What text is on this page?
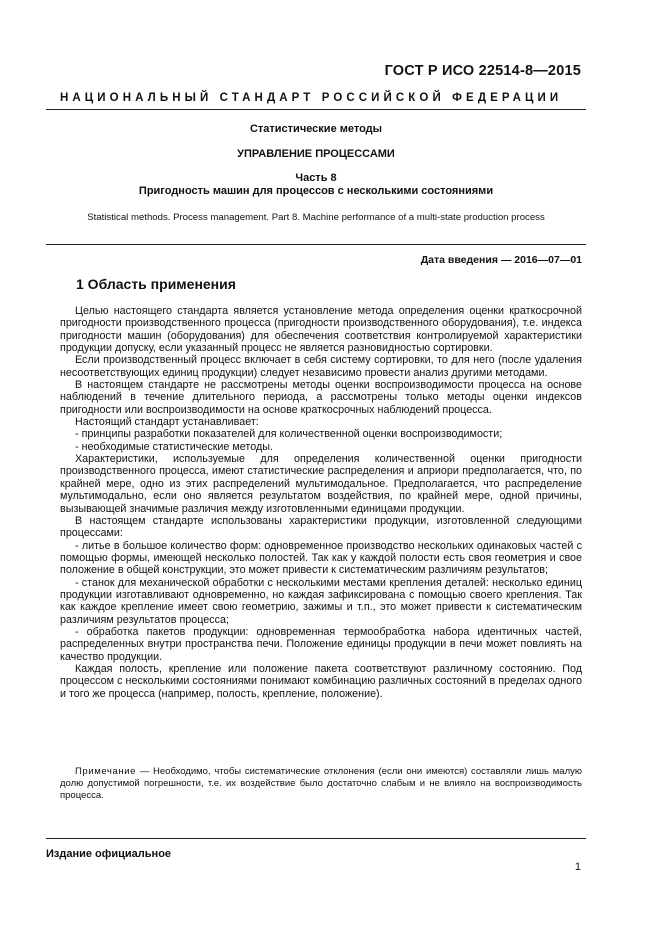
ГОСТ Р ИСО 22514-8—2015
НАЦИОНАЛЬНЫЙ СТАНДАРТ РОССИЙСКОЙ ФЕДЕРАЦИИ
Статистические методы
УПРАВЛЕНИЕ ПРОЦЕССАМИ
Часть 8
Пригодность машин для процессов с несколькими состояниями
Statistical methods. Process management. Part 8. Machine performance of a multi-state production process
Дата введения — 2016—07—01
1 Область применения

Целью настоящего стандарта является установление метода определения оценки краткосрочной пригодности производственного процесса (пригодности производственного оборудования), т.е. индекса пригодности машин (оборудования) для обеспечения соответствия контролируемой характеристики продукции допуску, если указанный процесс не является разновидностью сортировки.

Если производственный процесс включает в себя систему сортировки, то для него (после удаления несоответствующих единиц продукции) следует независимо провести анализ другими методами.

В настоящем стандарте не рассмотрены методы оценки воспроизводимости процесса на основе наблюдений в течение длительного периода, а рассмотрены только методы оценки индексов пригодности или воспроизводимости на основе краткосрочных наблюдений процесса.

Настоящий стандарт устанавливает:

- принципы разработки показателей для количественной оценки воспроизводимости;

- необходимые статистические методы.

Характеристики, используемые для определения количественной оценки пригодности производственного процесса, имеют статистические распределения и априори предполагается, что, по крайней мере, одно из этих распределений мультимодальное. Предполагается, что распределение мультимодально, если оно является результатом воздействия, по крайней мере, одной причины, вызывающей значимые различия между изготовленными единицами продукции.

В настоящем стандарте использованы характеристики продукции, изготовленной следующими процессами:

- литье в большое количество форм: одновременное производство нескольких одинаковых частей с помощью формы, имеющей несколько полостей. Так как у каждой полости есть своя геометрия и свое положение в общей конструкции, это может привести к систематическим различиям результатов;

- станок для механической обработки с несколькими местами крепления деталей: несколько единиц продукции изготавливают одновременно, но каждая зафиксирована с помощью своего крепления. Так как каждое крепление имеет свою геометрию, зажимы и т.п., это может привести к систематическим различиям результатов процесса;

- обработка пакетов продукции: одновременная термообработка набора идентичных частей, распределенных внутри пространства печи. Положение единицы продукции в печи может повлиять на качество продукции.

Каждая полость, крепление или положение пакета соответствуют различному состоянию. Под процессом с несколькими состояниями понимают комбинацию различных состояний в пределах одного и того же процесса (например, полость, крепление, положение).

Примечание — Необходимо, чтобы систематические отклонения (если они имеются) составляли лишь малую долю допустимой погрешности, т.е. их воздействие было достаточно слабым и не влияло на воспроизводимость процесса.
Издание официальное
1
